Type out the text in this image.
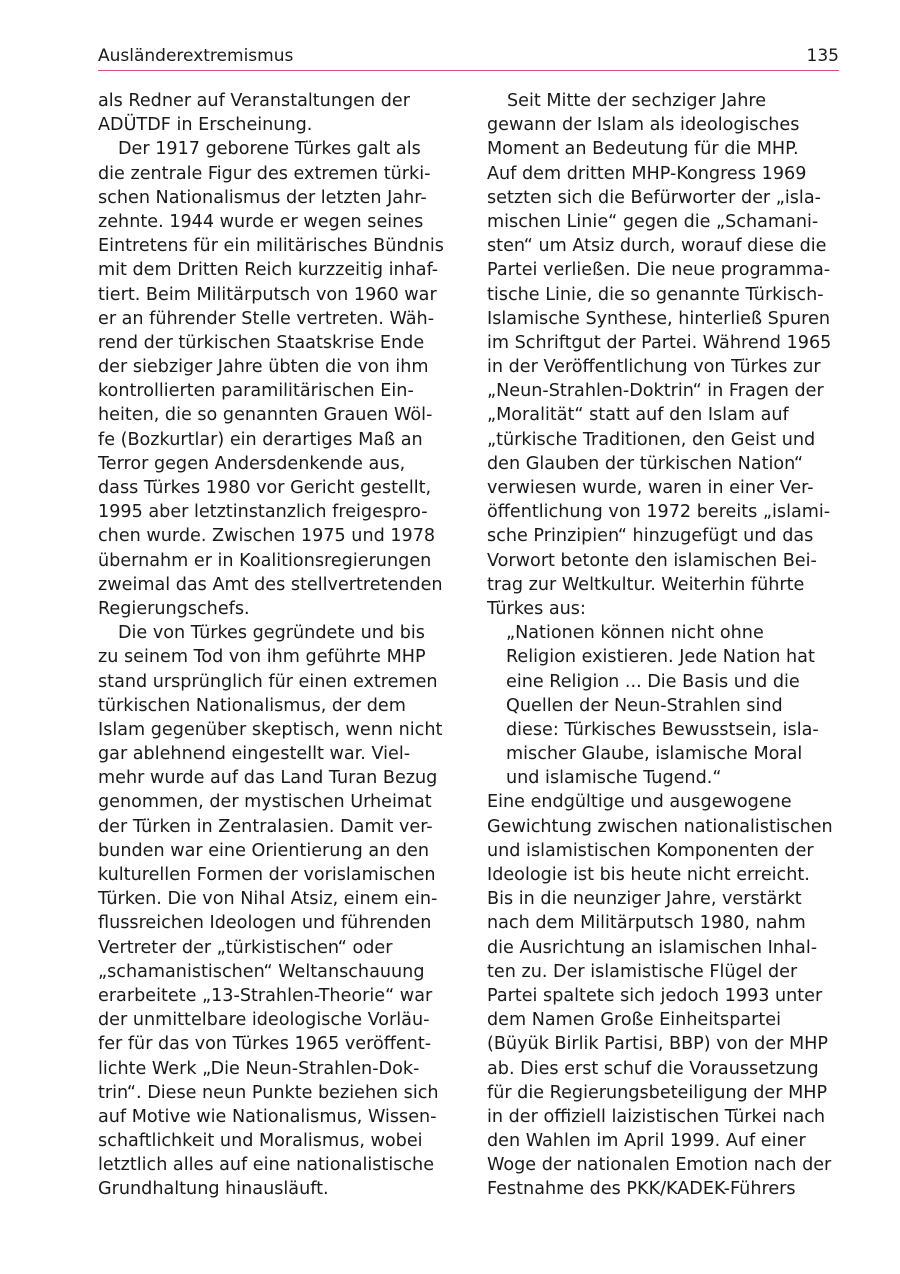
Ausländerextremismus	135
als Redner auf Veranstaltungen der
ADÜTDF in Erscheinung.
Der 1917 geborene Türkes galt als
die zentrale Figur des extremen türki-
schen Nationalismus der letzten Jahr-
zehnte. 1944 wurde er wegen seines
Eintretens für ein militärisches Bündnis
mit dem Dritten Reich kurzzeitig inhaf-
tiert. Beim Militärputsch von 1960 war
er an führender Stelle vertreten. Wäh-
rend der türkischen Staatskrise Ende
der siebziger Jahre übten die von ihm
kontrollierten paramilitärischen Ein-
heiten, die so genannten Grauen Wöl-
fe (Bozkurtlar) ein derartiges Maß an
Terror gegen Andersdenkende aus,
dass Türkes 1980 vor Gericht gestellt,
1995 aber letztinstanzlich freigespro-
chen wurde. Zwischen 1975 und 1978
übernahm er in Koalitionsregierungen
zweimal das Amt des stellvertretenden
Regierungschefs.
Die von Türkes gegründete und bis
zu seinem Tod von ihm geführte MHP
stand ursprünglich für einen extremen
türkischen Nationalismus, der dem
Islam gegenüber skeptisch, wenn nicht
gar ablehnend eingestellt war. Viel-
mehr wurde auf das Land Turan Bezug
genommen, der mystischen Urheimat
der Türken in Zentralasien. Damit ver-
bunden war eine Orientierung an den
kulturellen Formen der vorislamischen
Türken. Die von Nihal Atsiz, einem ein-
flussreichen Ideologen und führenden
Vertreter der „türkistischen“ oder
„schamanistischen“ Weltanschauung
erarbeitete „13-Strahlen-Theorie“ war
der unmittelbare ideologische Vorläu-
fer für das von Türkes 1965 veröffent-
lichte Werk „Die Neun-Strahlen-Dok-
trin“. Diese neun Punkte beziehen sich
auf Motive wie Nationalismus, Wissen-
schaftlichkeit und Moralismus, wobei
letztlich alles auf eine nationalistische
Grundhaltung hinausläuft.
Seit Mitte der sechziger Jahre
gewann der Islam als ideologisches
Moment an Bedeutung für die MHP.
Auf dem dritten MHP-Kongress 1969
setzten sich die Befürworter der „isla-
mischen Linie“ gegen die „Schamani-
sten“ um Atsiz durch, worauf diese die
Partei verließen. Die neue programma-
tische Linie, die so genannte Türkisch-
Islamische Synthese, hinterließ Spuren
im Schriftgut der Partei. Während 1965
in der Veröffentlichung von Türkes zur
„Neun-Strahlen-Doktrin“ in Fragen der
„Moralität“ statt auf den Islam auf
„türkische Traditionen, den Geist und
den Glauben der türkischen Nation“
verwiesen wurde, waren in einer Ver-
öffentlichung von 1972 bereits „islami-
sche Prinzipien“ hinzugefügt und das
Vorwort betonte den islamischen Bei-
trag zur Weltkultur. Weiterhin führte
Türkes aus:
„Nationen können nicht ohne
Religion existieren. Jede Nation hat
eine Religion ... Die Basis und die
Quellen der Neun-Strahlen sind
diese: Türkisches Bewusstsein, isla-
mischer Glaube, islamische Moral
und islamische Tugend.“
Eine endgültige und ausgewogene
Gewichtung zwischen nationalistischen
und islamistischen Komponenten der
Ideologie ist bis heute nicht erreicht.
Bis in die neunziger Jahre, verstärkt
nach dem Militärputsch 1980, nahm
die Ausrichtung an islamischen Inhal-
ten zu. Der islamistische Flügel der
Partei spaltete sich jedoch 1993 unter
dem Namen Große Einheitspartei
(Büyük Birlik Partisi, BBP) von der MHP
ab. Dies erst schuf die Voraussetzung
für die Regierungsbeteiligung der MHP
in der offiziell laizistischen Türkei nach
den Wahlen im April 1999. Auf einer
Woge der nationalen Emotion nach der
Festnahme des PKK/KADEK-Führers
